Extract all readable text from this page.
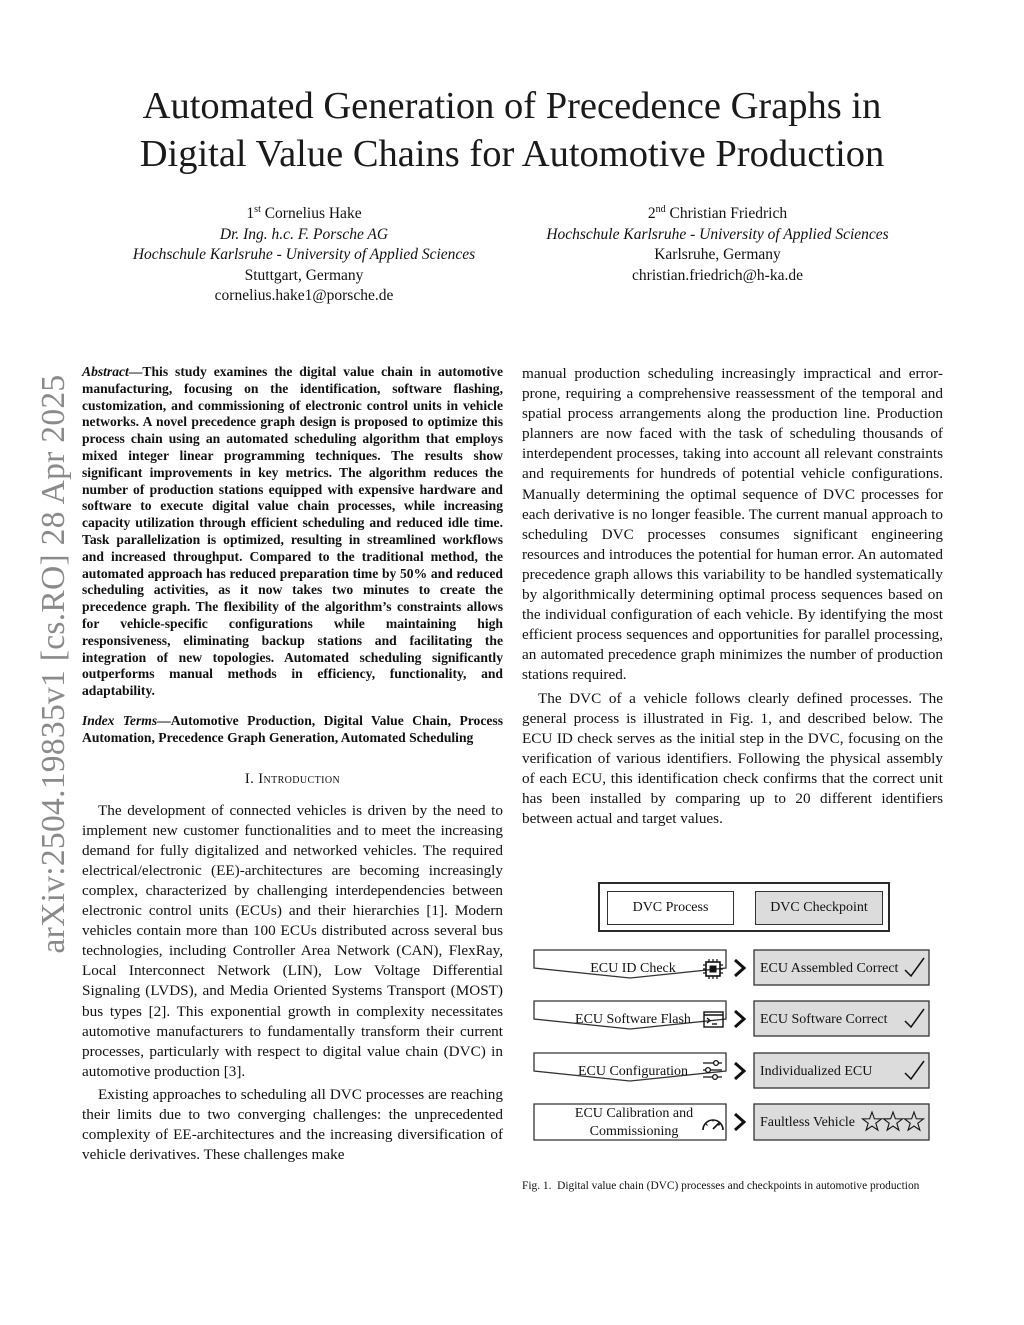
Automated Generation of Precedence Graphs in
Digital Value Chains for Automotive Production
1st Cornelius Hake
Dr. Ing. h.c. F. Porsche AG
Hochschule Karlsruhe - University of Applied Sciences
Stuttgart, Germany
cornelius.hake1@porsche.de
2nd Christian Friedrich
Hochschule Karlsruhe - University of Applied Sciences
Karlsruhe, Germany
christian.friedrich@h-ka.de
arXiv:2504.19835v1 [cs.RO] 28 Apr 2025

Abstract—This study examines the digital value chain in automotive manufacturing, focusing on the identification, software flashing, customization, and commissioning of electronic control units in vehicle networks. A novel precedence graph design is proposed to optimize this process chain using an automated scheduling algorithm that employs mixed integer linear programming techniques. The results show significant improvements in key metrics. The algorithm reduces the number of production stations equipped with expensive hardware and software to execute digital value chain processes, while increasing capacity utilization through efficient scheduling and reduced idle time. Task parallelization is optimized, resulting in streamlined workflows and increased throughput. Compared to the traditional method, the automated approach has reduced preparation time by 50% and reduced scheduling activities, as it now takes two minutes to create the precedence graph. The flexibility of the algorithm’s constraints allows for vehicle-specific configurations while maintaining high responsiveness, eliminating backup stations and facilitating the integration of new topologies. Automated scheduling significantly outperforms manual methods in efficiency, functionality, and adaptability.

Index Terms—Automotive Production, Digital Value Chain, Process Automation, Precedence Graph Generation, Automated Scheduling

I. Introduction

The development of connected vehicles is driven by the need to implement new customer functionalities and to meet the increasing demand for fully digitalized and networked vehicles. The required electrical/electronic (EE)-architectures are becoming increasingly complex, characterized by challenging interdependencies between electronic control units (ECUs) and their hierarchies [1]. Modern vehicles contain more than 100 ECUs distributed across several bus technologies, including Controller Area Network (CAN), FlexRay, Local Interconnect Network (LIN), Low Voltage Differential Signaling (LVDS), and Media Oriented Systems Transport (MOST) bus types [2]. This exponential growth in complexity necessitates automotive manufacturers to fundamentally transform their current processes, particularly with respect to digital value chain (DVC) in automotive production [3].

Existing approaches to scheduling all DVC processes are reaching their limits due to two converging challenges: the unprecedented complexity of EE-architectures and the increasing diversification of vehicle derivatives. These challenges make

manual production scheduling increasingly impractical and error-prone, requiring a comprehensive reassessment of the temporal and spatial process arrangements along the production line. Production planners are now faced with the task of scheduling thousands of interdependent processes, taking into account all relevant constraints and requirements for hundreds of potential vehicle configurations. Manually determining the optimal sequence of DVC processes for each derivative is no longer feasible. The current manual approach to scheduling DVC processes consumes significant engineering resources and introduces the potential for human error. An automated precedence graph allows this variability to be handled systematically by algorithmically determining optimal process sequences based on the individual configuration of each vehicle. By identifying the most efficient process sequences and opportunities for parallel processing, an automated precedence graph minimizes the number of production stations required.

The DVC of a vehicle follows clearly defined processes. The general process is illustrated in Fig. 1, and described below. The ECU ID check serves as the initial step in the DVC, focusing on the verification of various identifiers. Following the physical assembly of each ECU, this identification check confirms that the correct unit has been installed by comparing up to 20 different identifiers between actual and target values.

DVC Process	DVC Checkpoint
ECU ID Check
ECU Software Flash
ECU Configuration
ECU Calibration and
Commissioning
ECU Assembled Correct
ECU Software Correct
Individualized ECU
Faultless Vehicle

Fig. 1. Digital value chain (DVC) processes and checkpoints in automotive production
